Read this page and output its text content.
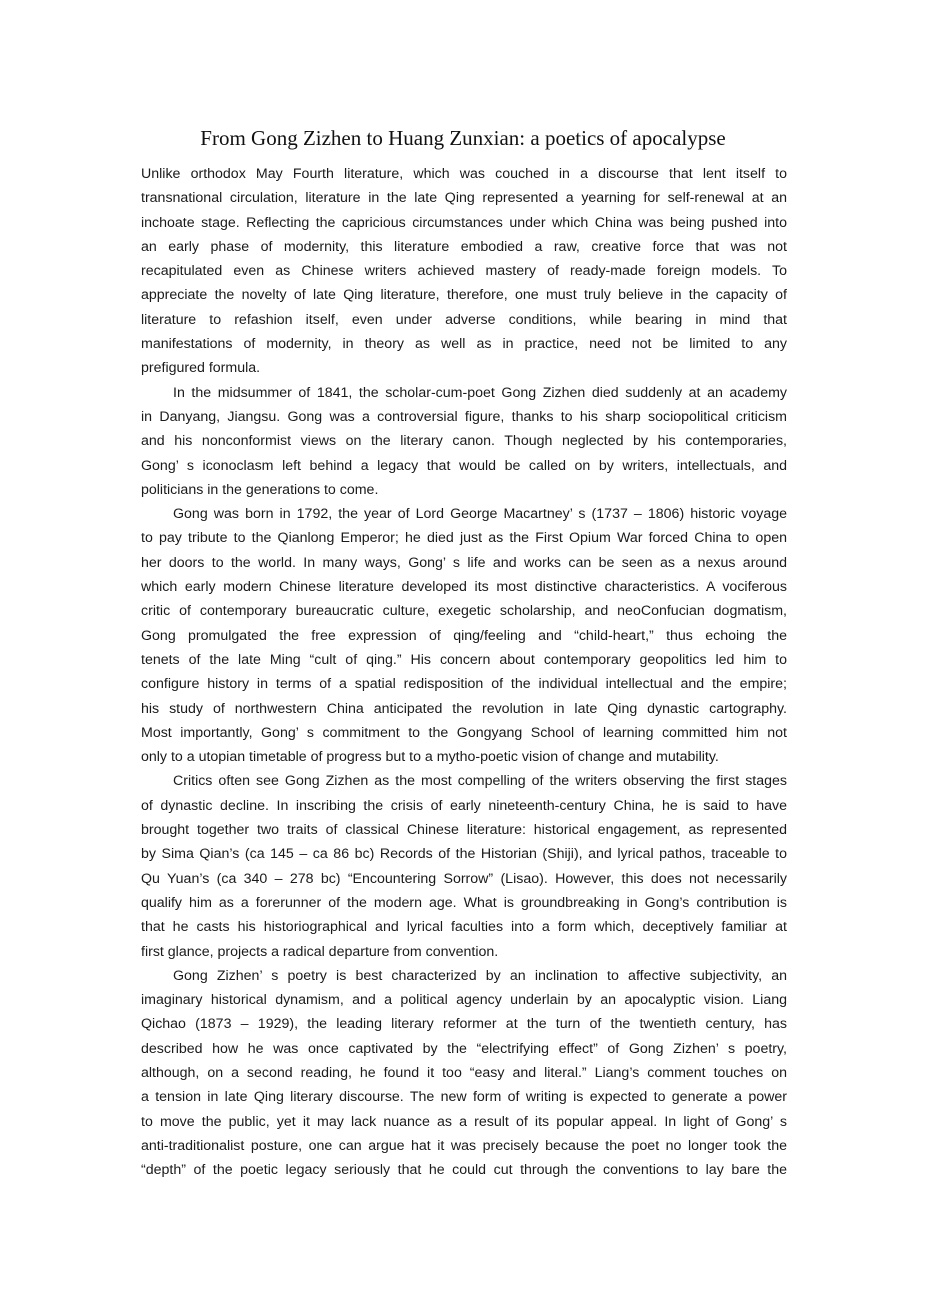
From Gong Zizhen to Huang Zunxian: a poetics of apocalypse
Unlike orthodox May Fourth literature, which was couched in a discourse that lent itself to
transnational circulation, literature in the late Qing represented a yearning for self-renewal at an
inchoate stage. Reflecting the capricious circumstances under which China was being pushed into
an early phase of modernity, this literature embodied a raw, creative force that was not
recapitulated even as Chinese writers achieved mastery of ready-made foreign models. To
appreciate the novelty of late Qing literature, therefore, one must truly believe in the capacity of
literature to refashion itself, even under adverse conditions, while bearing in mind that
manifestations of modernity, in theory as well as in practice, need not be limited to any
prefigured formula.
In the midsummer of 1841, the scholar-cum-poet Gong Zizhen died suddenly at an academy
in Danyang, Jiangsu. Gong was a controversial figure, thanks to his sharp sociopolitical criticism
and his nonconformist views on the literary canon. Though neglected by his contemporaries,
Gong’ s iconoclasm left behind a legacy that would be called on by writers, intellectuals, and
politicians in the generations to come.
Gong was born in 1792, the year of Lord George Macartney’ s (1737 – 1806) historic voyage
to pay tribute to the Qianlong Emperor; he died just as the First Opium War forced China to open
her doors to the world. In many ways, Gong’ s life and works can be seen as a nexus around
which early modern Chinese literature developed its most distinctive characteristics. A vociferous
critic of contemporary bureaucratic culture, exegetic scholarship, and neoConfucian dogmatism,
Gong promulgated the free expression of qing/feeling and “child-heart,” thus echoing the
tenets of the late Ming “cult of qing.” His concern about contemporary geopolitics led him to
configure history in terms of a spatial redisposition of the individual intellectual and the empire;
his study of northwestern China anticipated the revolution in late Qing dynastic cartography.
Most importantly, Gong’ s commitment to the Gongyang School of learning committed him not
only to a utopian timetable of progress but to a mytho-poetic vision of change and mutability.
Critics often see Gong Zizhen as the most compelling of the writers observing the first stages
of dynastic decline. In inscribing the crisis of early nineteenth-century China, he is said to have
brought together two traits of classical Chinese literature: historical engagement, as represented
by Sima Qian’s (ca 145 – ca 86 bc) Records of the Historian (Shiji), and lyrical pathos, traceable to
Qu Yuan’s (ca 340 – 278 bc) “Encountering Sorrow” (Lisao). However, this does not necessarily
qualify him as a forerunner of the modern age. What is groundbreaking in Gong’s contribution is
that he casts his historiographical and lyrical faculties into a form which, deceptively familiar at
first glance, projects a radical departure from convention.
Gong Zizhen’ s poetry is best characterized by an inclination to affective subjectivity, an
imaginary historical dynamism, and a political agency underlain by an apocalyptic vision. Liang
Qichao (1873 – 1929), the leading literary reformer at the turn of the twentieth century, has
described how he was once captivated by the “electrifying effect” of Gong Zizhen’ s poetry,
although, on a second reading, he found it too “easy and literal.” Liang’s comment touches on
a tension in late Qing literary discourse. The new form of writing is expected to generate a power
to move the public, yet it may lack nuance as a result of its popular appeal. In light of Gong’ s
anti-traditionalist posture, one can argue hat it was precisely because the poet no longer took the
“depth” of the poetic legacy seriously that he could cut through the conventions to lay bare the
